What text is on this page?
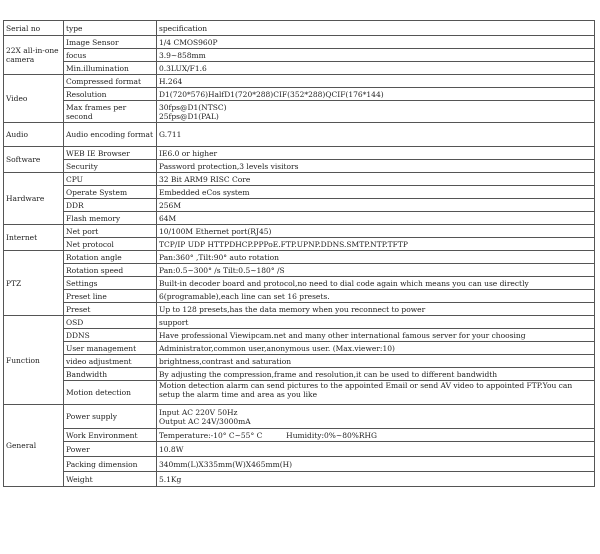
Serial no	type	specification
22X all-in-one camera	Image Sensor	1/4 CMOS960P
	focus	3.9~858mm
	Min.illumination	0.3LUX/F1.6
Video	Compressed format	H.264
	Resolution	D1(720*576)HalfD1(720*288)CIF(352*288)QCIF(176*144)
	Max frames per second	30fps@D1(NTSC)
25fps@D1(PAL)

Audio	Audio encoding format	G.711
Software	WEB IE Browser	IE6.0 or higher
	Security	Password protection,3 levels visitors
Hardware	CPU	32 Bit ARM9 RISC Core
	Operate System	Embedded eCos system
	DDR	256M
	Flash memory	64M
Internet	Net port	10/100M Ethernet port(RJ45)
	Net protocol	TCP/IP UDP HTTPDHCP.PPPoE.FTP.UPNP.DDNS.SMTP.NTP.TFTP
PTZ	Rotation angle	Pan:360° ,Tilt:90° auto rotation
	Rotation speed	Pan:0.5~300° /s Tilt:0.5~180° /S
	Settings	Built-in decoder board and protocol,no need to dial code again which means you can use directly
	Preset line	6(programable),each line can set 16 presets.
	Preset	Up to 128 presets,has the data memory when you reconnect to power
Function	OSD	support
	DDNS	Have professional Viewipcam.net and many other international famous server for your choosing
	User management	Administrator,common user,anonymous user. (Max.viewer:10)
	video adjustment	brightness,contrast and saturation
	Bandwidth	By adjusting the compression,frame and resolution,it can be used to different bandwidth
	Motion detection	Motion detection alarm can send pictures to the appointed Email or send AV video to appointed FTP.You can setup the alarm time and area as you like

General	Power supply	Input AC 220V 50Hz
Output AC 24V/3000mA

	Work Environment	Temperature:-10° C~55° C          Humidity:0%~80%RHG
	Power	10.8W
	Packing dimension	340mm(L)X335mm(W)X465mm(H)
	Weight	5.1Kg
